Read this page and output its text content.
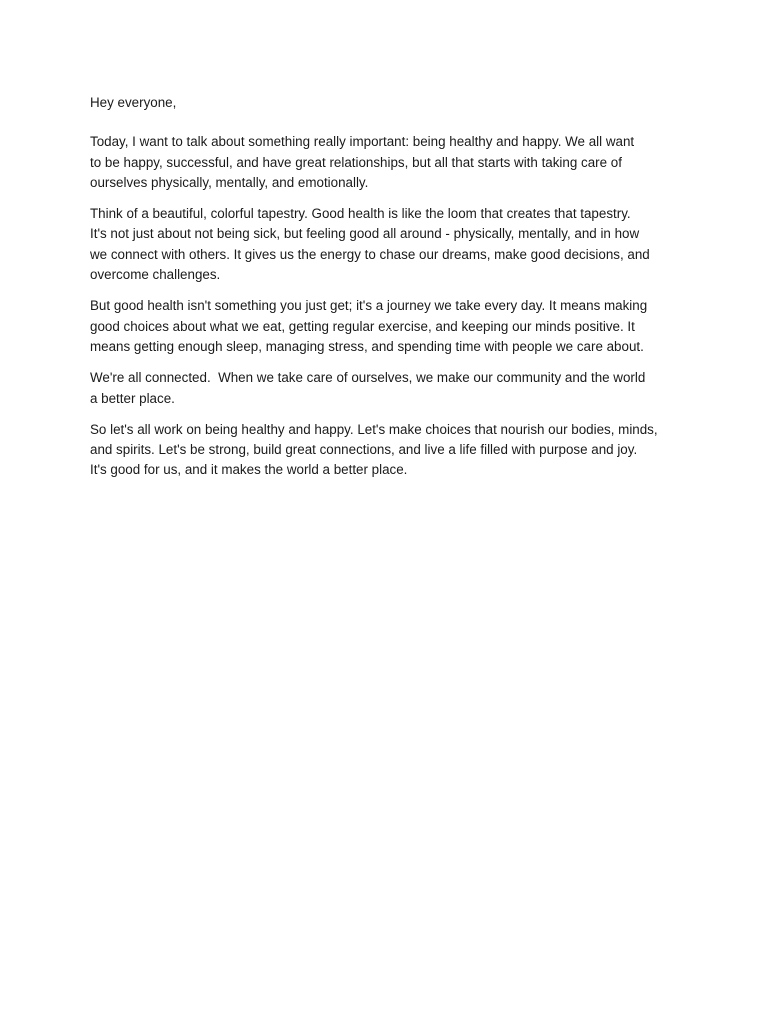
Hey everyone,

Today, I want to talk about something really important: being healthy and happy. We all want
to be happy, successful, and have great relationships, but all that starts with taking care of
ourselves physically, mentally, and emotionally.

Think of a beautiful, colorful tapestry. Good health is like the loom that creates that tapestry.
It's not just about not being sick, but feeling good all around - physically, mentally, and in how
we connect with others. It gives us the energy to chase our dreams, make good decisions, and
overcome challenges.

But good health isn't something you just get; it's a journey we take every day. It means making
good choices about what we eat, getting regular exercise, and keeping our minds positive. It
means getting enough sleep, managing stress, and spending time with people we care about.

We're all connected.  When we take care of ourselves, we make our community and the world
a better place.

So let's all work on being healthy and happy. Let's make choices that nourish our bodies, minds,
and spirits. Let's be strong, build great connections, and live a life filled with purpose and joy.
It's good for us, and it makes the world a better place.
